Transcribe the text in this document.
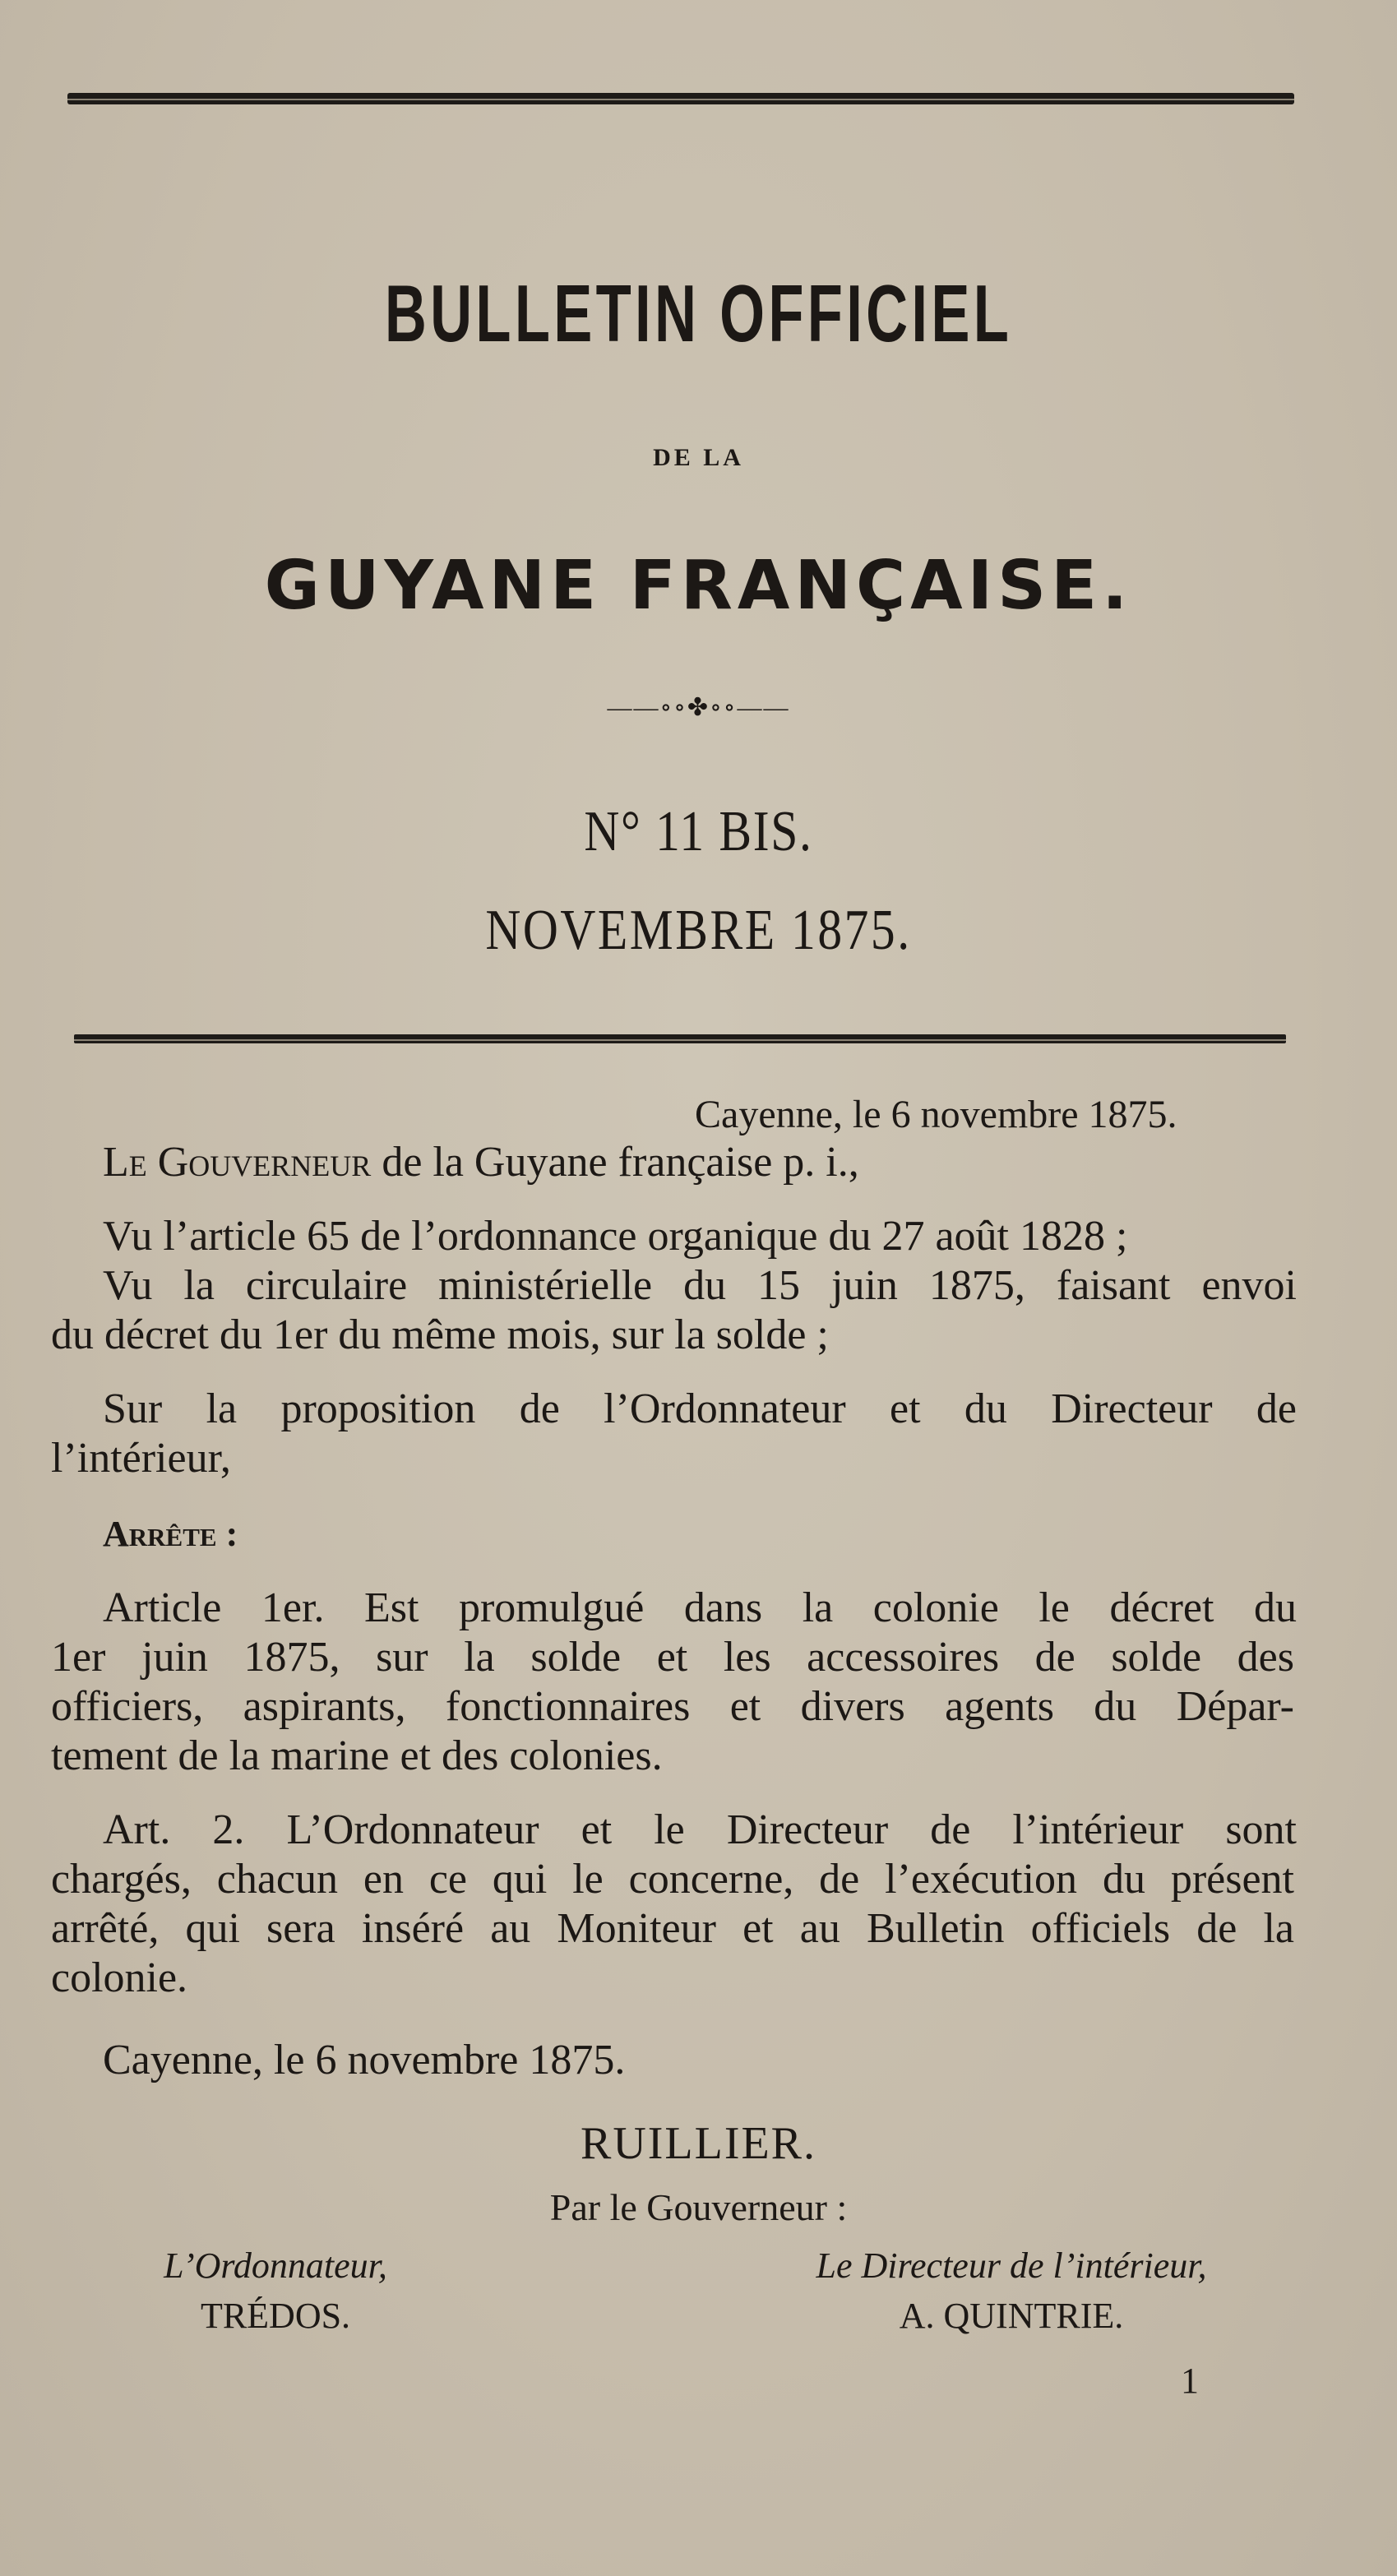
BULLETIN OFFICIEL
DE LA
GUYANE FRANÇAISE.
——∘∘✤∘∘——
N° 11 BIS.
NOVEMBRE 1875.
Cayenne, le 6 novembre 1875.
Le Gouverneur de la Guyane française p. i.,
Vu l’article 65 de l’ordonnance organique du 27 août 1828 ;
Vu la circulaire ministérielle du 15 juin 1875, faisant envoi
du décret du 1er du même mois, sur la solde ;
Sur la proposition de l’Ordonnateur et du Directeur de
l’intérieur,
Arrête :
Article 1er. Est promulgué dans la colonie le décret du
1er juin 1875, sur la solde et les accessoires de solde des
officiers, aspirants, fonctionnaires et divers agents du Dépar-
tement de la marine et des colonies.
Art. 2. L’Ordonnateur et le Directeur de l’intérieur sont
chargés, chacun en ce qui le concerne, de l’exécution du présent
arrêté, qui sera inséré au Moniteur et au Bulletin officiels de la
colonie.
Cayenne, le 6 novembre 1875.
RUILLIER.
Par le Gouverneur :
L’Ordonnateur,
TRÉDOS.
Le Directeur de l’intérieur,
A. QUINTRIE.
1
